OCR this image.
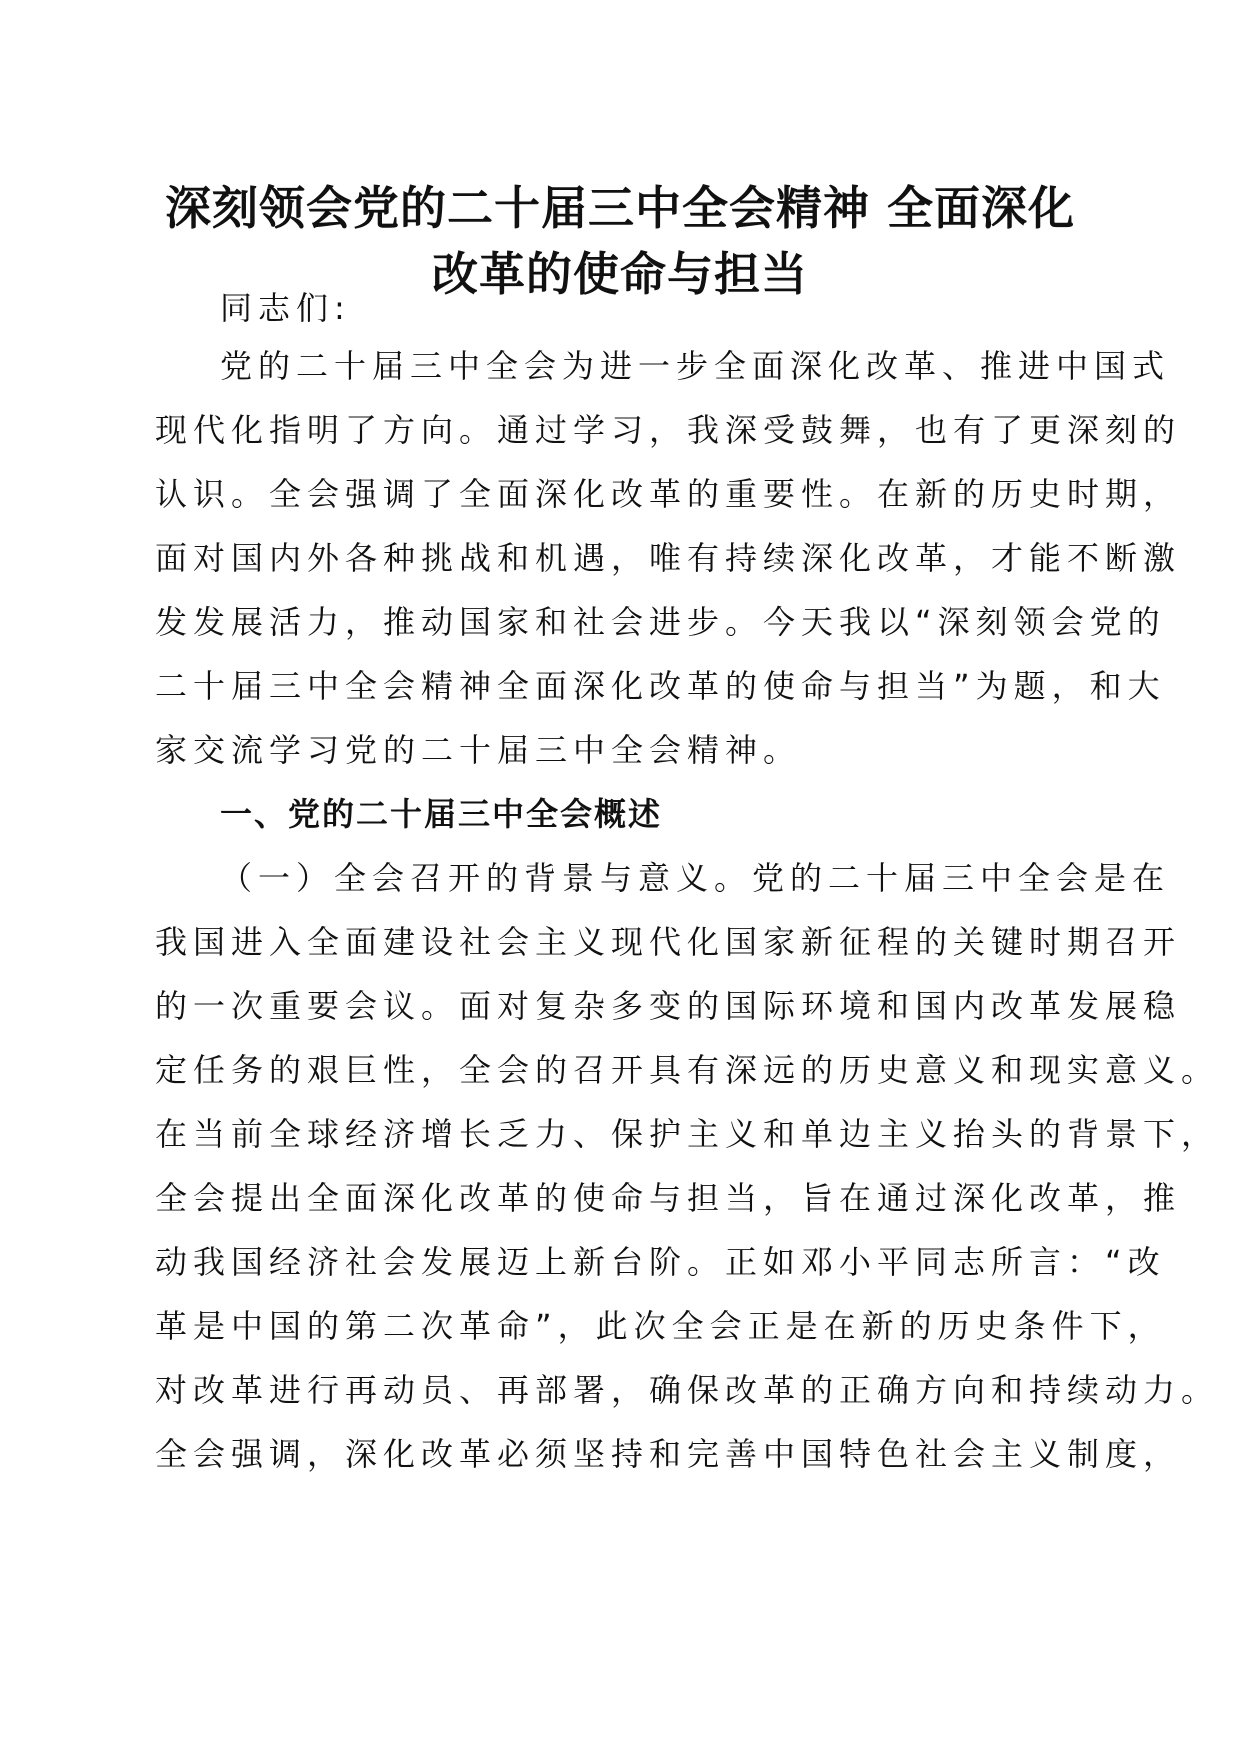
深刻领会党的二十届三中全会精神 全面深化
改革的使命与担当
同志们:
党的二十届三中全会为进一步全面深化改革、推进中国式
现代化指明了方向。通过学习，我深受鼓舞，也有了更深刻的
认识。全会强调了全面深化改革的重要性。在新的历史时期，
面对国内外各种挑战和机遇，唯有持续深化改革，才能不断激
发发展活力，推动国家和社会进步。今天我以“深刻领会党的
二十届三中全会精神全面深化改革的使命与担当”为题，和大
家交流学习党的二十届三中全会精神。
一、党的二十届三中全会概述
（一）全会召开的背景与意义。党的二十届三中全会是在
我国进入全面建设社会主义现代化国家新征程的关键时期召开
的一次重要会议。面对复杂多变的国际环境和国内改革发展稳
定任务的艰巨性，全会的召开具有深远的历史意义和现实意义。
在当前全球经济增长乏力、保护主义和单边主义抬头的背景下，
全会提出全面深化改革的使命与担当，旨在通过深化改革，推
动我国经济社会发展迈上新台阶。正如邓小平同志所言：“改
革是中国的第二次革命”，此次全会正是在新的历史条件下，
对改革进行再动员、再部署，确保改革的正确方向和持续动力。
全会强调，深化改革必须坚持和完善中国特色社会主义制度，
